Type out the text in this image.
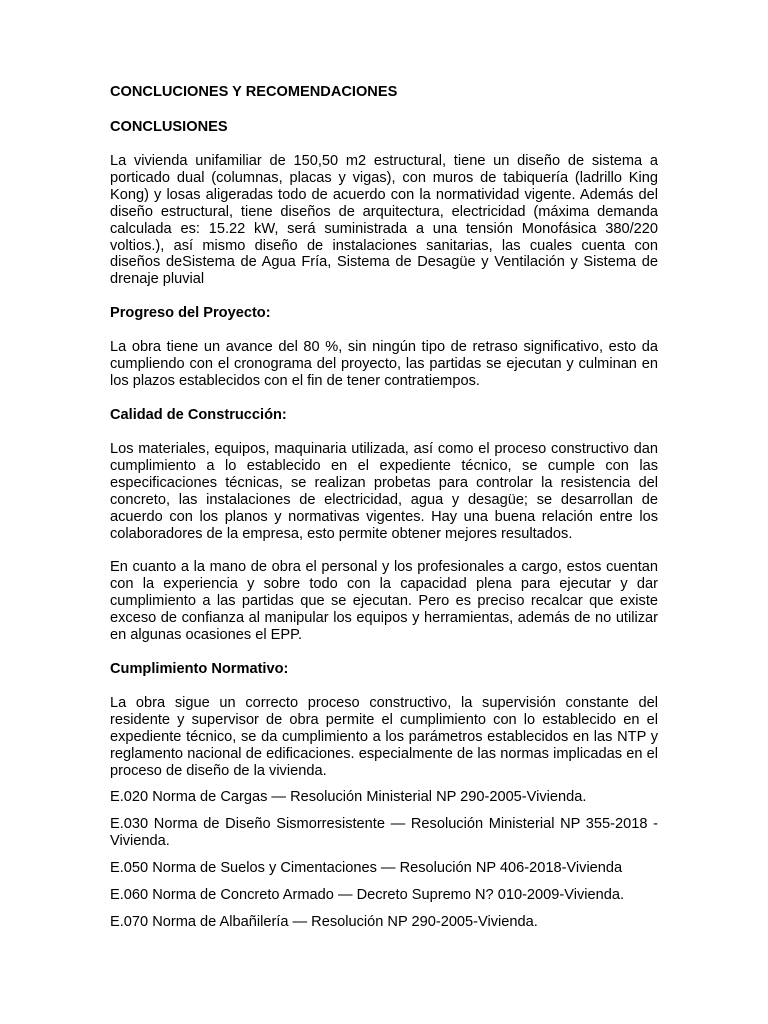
CONCLUCIONES Y RECOMENDACIONES
CONCLUSIONES

La vivienda unifamiliar de 150,50 m2 estructural, tiene un diseño de sistema a porticado dual (columnas, placas y vigas), con muros de tabiquería (ladrillo King Kong) y losas aligeradas todo de acuerdo con la normatividad vigente. Además del diseño estructural, tiene diseños de arquitectura, electricidad (máxima demanda calculada es: 15.22 kW, será suministrada a una tensión Monofásica 380/220 voltios.), así mismo diseño de instalaciones sanitarias, las cuales cuenta con diseños deSistema de Agua Fría, Sistema de Desagüe y Ventilación y Sistema de drenaje pluvial

Progreso del Proyecto:

La obra tiene un avance del 80 %, sin ningún tipo de retraso significativo, esto da cumpliendo con el cronograma del proyecto, las partidas se ejecutan y culminan en los plazos establecidos con el fin de tener contratiempos.

Calidad de Construcción:

Los materiales, equipos, maquinaria utilizada, así como el proceso constructivo dan cumplimiento a lo establecido en el expediente técnico, se cumple con las especificaciones técnicas, se realizan probetas para controlar la resistencia del concreto, las instalaciones de electricidad, agua y desagüe; se desarrollan de acuerdo con los planos y normativas vigentes. Hay una buena relación entre los colaboradores de la empresa, esto permite obtener mejores resultados.

En cuanto a la mano de obra el personal y los profesionales a cargo, estos cuentan con la experiencia y sobre todo con la capacidad plena para ejecutar y dar cumplimiento a las partidas que se ejecutan. Pero es preciso recalcar que existe exceso de confianza al manipular los equipos y herramientas, además de no utilizar en algunas ocasiones el EPP.

Cumplimiento Normativo:

La obra sigue un correcto proceso constructivo, la supervisión constante del residente y supervisor de obra permite el cumplimiento con lo establecido en el expediente técnico, se da cumplimiento a los parámetros establecidos en las NTP y reglamento nacional de edificaciones. especialmente de las normas implicadas en el proceso de diseño de la vivienda.

E.020 Norma de Cargas — Resolución Ministerial NP 290-2005-Vivienda.

E.030 Norma de Diseño Sismorresistente — Resolución Ministerial NP 355-2018 - Vivienda.

E.050 Norma de Suelos y Cimentaciones — Resolución NP 406-2018-Vivienda

E.060 Norma de Concreto Armado — Decreto Supremo N? 010-2009-Vivienda.

E.070 Norma de Albañilería — Resolución NP 290-2005-Vivienda.
